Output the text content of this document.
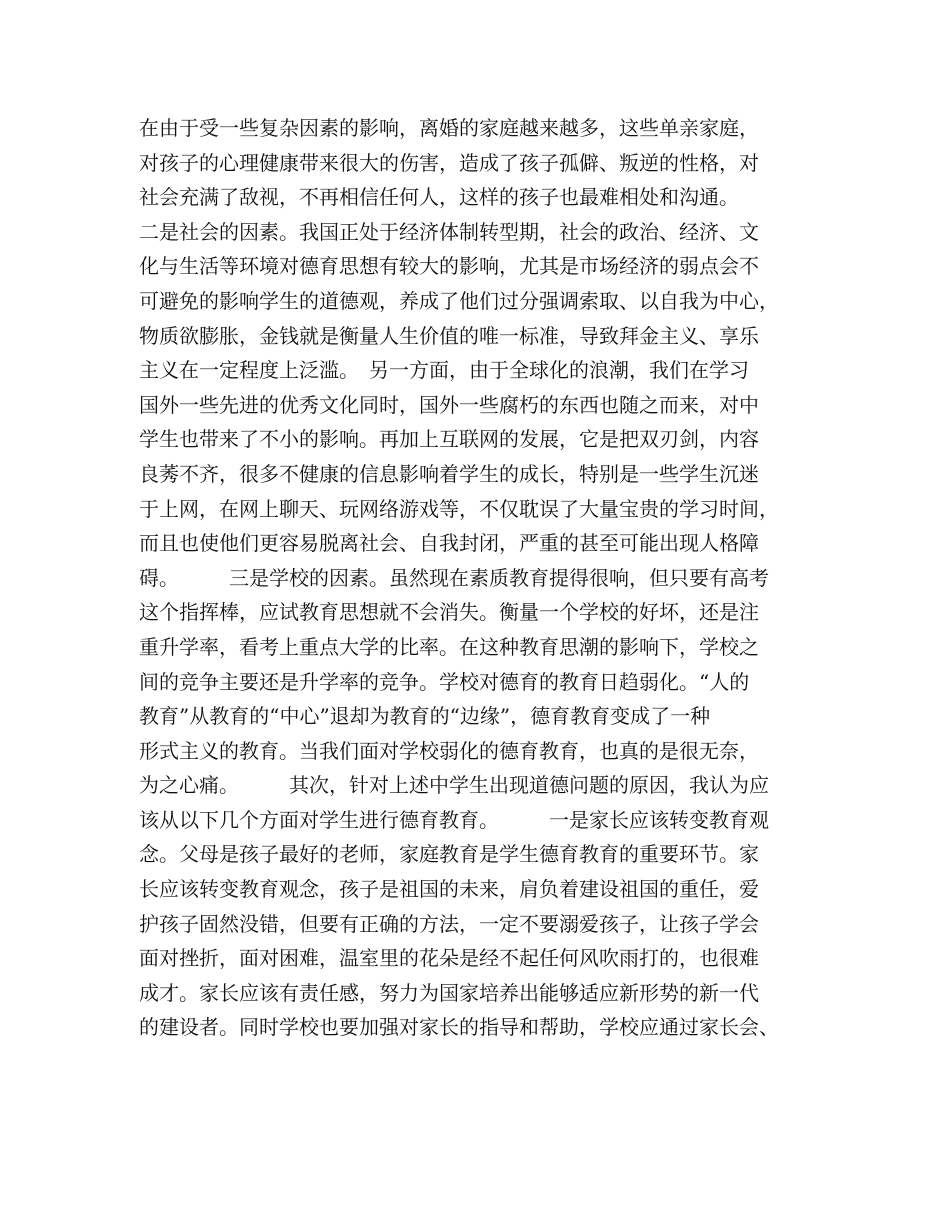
在由于受一些复杂因素的影响，离婚的家庭越来越多，这些单亲家庭，
对孩子的心理健康带来很大的伤害，造成了孩子孤僻、叛逆的性格，对
社会充满了敌视，不再相信任何人，这样的孩子也最难相处和沟通。
二是社会的因素。我国正处于经济体制转型期，社会的政治、经济、文
化与生活等环境对德育思想有较大的影响，尤其是市场经济的弱点会不
可避免的影响学生的道德观，养成了他们过分强调索取、以自我为中心，
物质欲膨胀，金钱就是衡量人生价值的唯一标准，导致拜金主义、享乐
主义在一定程度上泛滥。　另一方面，由于全球化的浪潮，我们在学习
国外一些先进的优秀文化同时，国外一些腐朽的东西也随之而来，对中
学生也带来了不小的影响。再加上互联网的发展，它是把双刃剑，内容
良莠不齐，很多不健康的信息影响着学生的成长，特别是一些学生沉迷
于上网，在网上聊天、玩网络游戏等，不仅耽误了大量宝贵的学习时间，
而且也使他们更容易脱离社会、自我封闭，严重的甚至可能出现人格障
碍。　　　三是学校的因素。虽然现在素质教育提得很响，但只要有高考
这个指挥棒，应试教育思想就不会消失。衡量一个学校的好坏，还是注
重升学率，看考上重点大学的比率。在这种教育思潮的影响下，学校之
间的竞争主要还是升学率的竞争。学校对德育的教育日趋弱化。“人的
教育”从教育的“中心”退却为教育的“边缘”，德育教育变成了一种
形式主义的教育。当我们面对学校弱化的德育教育，也真的是很无奈，
为之心痛。　　　其次，针对上述中学生出现道德问题的原因，我认为应
该从以下几个方面对学生进行德育教育。　　　一是家长应该转变教育观
念。父母是孩子最好的老师，家庭教育是学生德育教育的重要环节。家
长应该转变教育观念，孩子是祖国的未来，肩负着建设祖国的重任，爱
护孩子固然没错，但要有正确的方法，一定不要溺爱孩子，让孩子学会
面对挫折，面对困难，温室里的花朵是经不起任何风吹雨打的，也很难
成才。家长应该有责任感，努力为国家培养出能够适应新形势的新一代
的建设者。同时学校也要加强对家长的指导和帮助，学校应通过家长会、
